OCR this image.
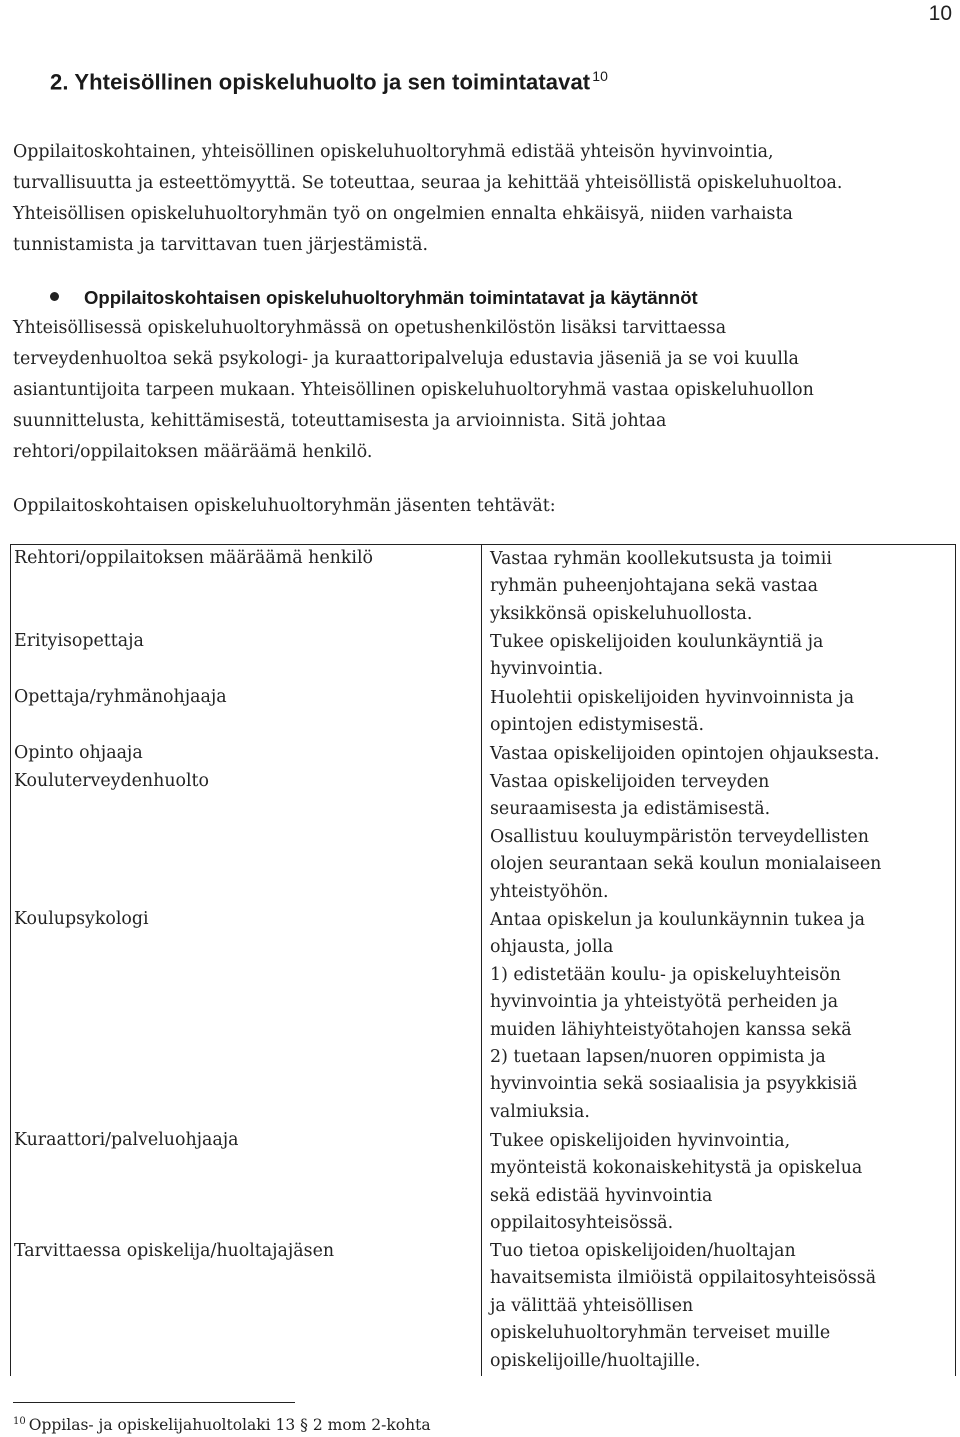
10
2. Yhteisöllinen opiskeluhuolto ja sen toimintatavat $^{10}$
Oppilaitoskohtainen, yhteisöllinen opiskeluhuoltoryhmä edistää yhteisön hyvinvointia,
turvallisuutta ja esteettömyyttä. Se toteuttaa, seuraa ja kehittää yhteisöllistä opiskeluhuoltoa.
Yhteisöllisen opiskeluhuoltoryhmän työ on ongelmien ennalta ehkäisyä, niiden varhaista
tunnistamista ja tarvittavan tuen järjestämistä.
Oppilaitoskohtaisen opiskeluhuoltoryhmän toimintatavat ja käytännöt
Yhteisöllisessä opiskeluhuoltoryhmässä on opetushenkilöstön lisäksi tarvittaessa
terveydenhuoltoa sekä psykologi- ja kuraattoripalveluja edustavia jäseniä ja se voi kuulla
asiantuntijoita tarpeen mukaan. Yhteisöllinen opiskeluhuoltoryhmä vastaa opiskeluhuollon
suunnittelusta, kehittämisestä, toteuttamisesta ja arvioinnista. Sitä johtaa
rehtori/oppilaitoksen määräämä henkilö.
Oppilaitoskohtaisen opiskeluhuoltoryhmän jäsenten tehtävät:
Rehtori/oppilaitoksen määräämä henkilö	Vastaa ryhmän koollekutsusta ja toimii
ryhmän puheenjohtajana sekä vastaa
yksikkönsä opiskeluhuollosta.
Erityisopettaja	Tukee opiskelijoiden koulunkäyntiä ja
hyvinvointia.
Opettaja/ryhmänohjaaja	Huolehtii opiskelijoiden hyvinvoinnista ja
opintojen edistymisestä.
Opinto ohjaaja	Vastaa opiskelijoiden opintojen ohjauksesta.
Kouluterveydenhuolto	Vastaa opiskelijoiden terveyden
seuraamisesta ja edistämisestä.
Osallistuu kouluympäristön terveydellisten
olojen seurantaan sekä koulun monialaiseen
yhteistyöhön.
Koulupsykologi	Antaa opiskelun ja koulunkäynnin tukea ja
ohjausta, jolla
1) edistetään koulu- ja opiskeluyhteisön
hyvinvointia ja yhteistyötä perheiden ja
muiden lähiyhteistyötahojen kanssa sekä
2) tuetaan lapsen/nuoren oppimista ja
hyvinvointia sekä sosiaalisia ja psyykkisiä
valmiuksia.
Kuraattori/palveluohjaaja	Tukee opiskelijoiden hyvinvointia,
myönteistä kokonaiskehitystä ja opiskelua
sekä edistää hyvinvointia
oppilaitosyhteisössä.
Tarvittaessa opiskelija/huoltajajäsen	Tuo tietoa opiskelijoiden/huoltajan
havaitsemista ilmiöistä oppilaitosyhteisössä
ja välittää yhteisöllisen
opiskeluhuoltoryhmän terveiset muille
opiskelijoille/huoltajille.
$^{10}$ Oppilas- ja opiskelijahuoltolaki 13 § 2 mom 2-kohta
